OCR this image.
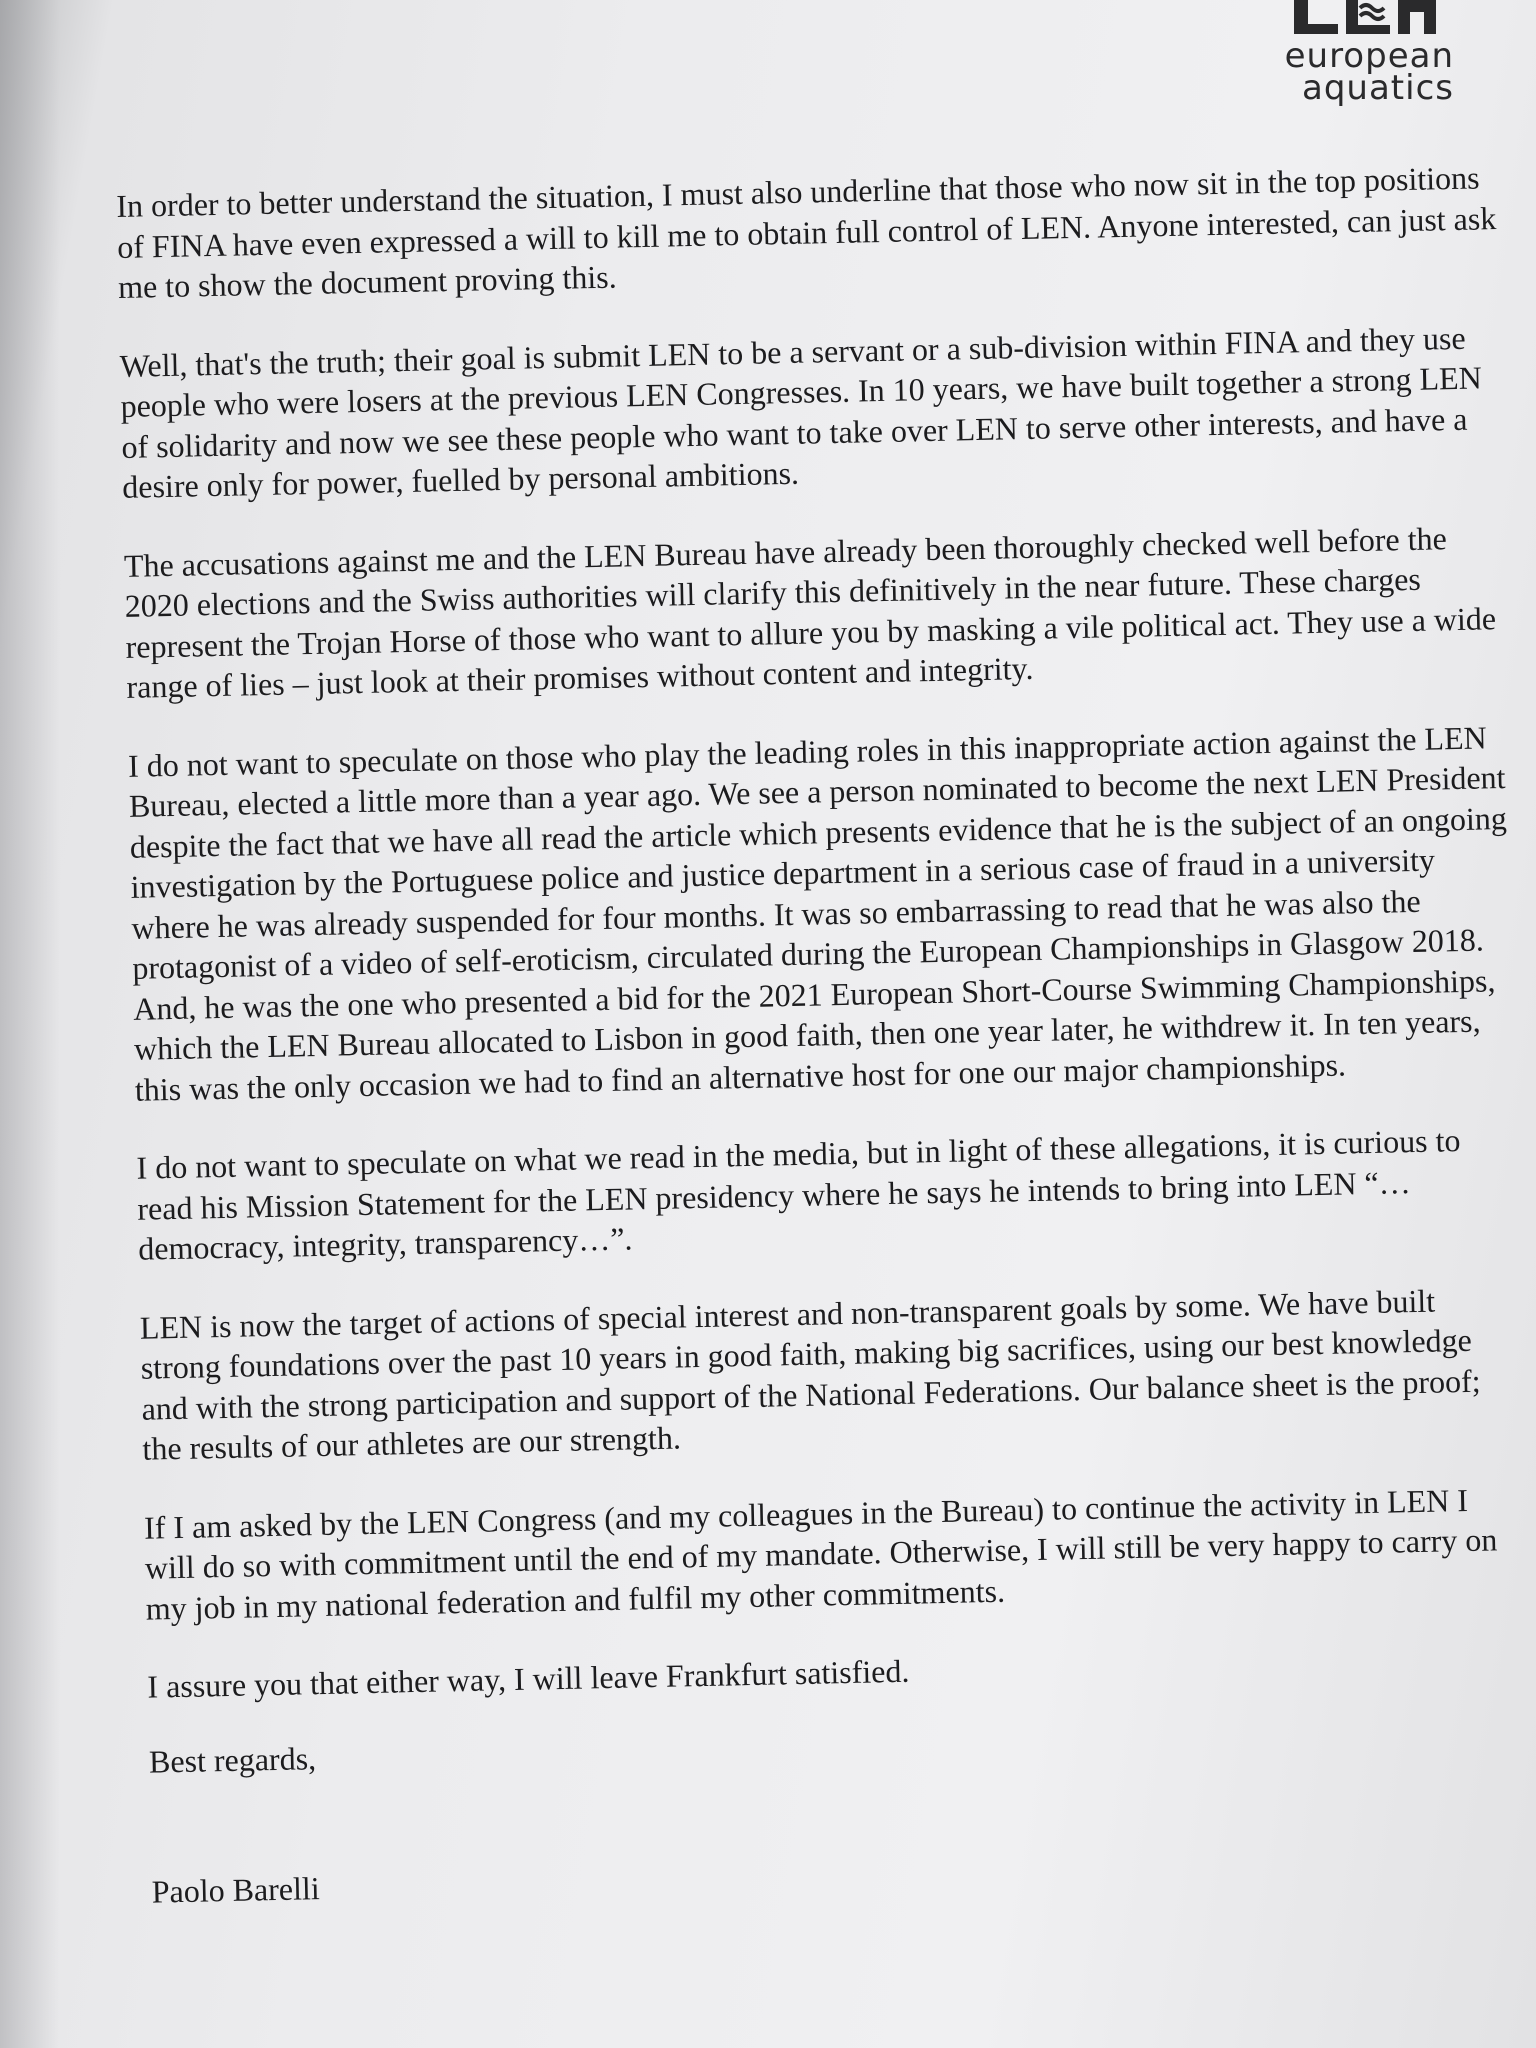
european
aquatics

In order to better understand the situation, I must also underline that those who now sit in the top positions of FINA have even expressed a will to kill me to obtain full control of LEN. Anyone interested, can just ask me to show the document proving this.

Well, that's the truth; their goal is submit LEN to be a servant or a sub-division within FINA and they use people who were losers at the previous LEN Congresses. In 10 years, we have built together a strong LEN of solidarity and now we see these people who want to take over LEN to serve other interests, and have a desire only for power, fuelled by personal ambitions.

The accusations against me and the LEN Bureau have already been thoroughly checked well before the 2020 elections and the Swiss authorities will clarify this definitively in the near future. These charges represent the Trojan Horse of those who want to allure you by masking a vile political act. They use a wide range of lies – just look at their promises without content and integrity.

I do not want to speculate on those who play the leading roles in this inappropriate action against the LEN Bureau, elected a little more than a year ago. We see a person nominated to become the next LEN President despite the fact that we have all read the article which presents evidence that he is the subject of an ongoing investigation by the Portuguese police and justice department in a serious case of fraud in a university where he was already suspended for four months. It was so embarrassing to read that he was also the protagonist of a video of self-eroticism, circulated during the European Championships in Glasgow 2018. And, he was the one who presented a bid for the 2021 European Short-Course Swimming Championships, which the LEN Bureau allocated to Lisbon in good faith, then one year later, he withdrew it. In ten years, this was the only occasion we had to find an alternative host for one our major championships.

I do not want to speculate on what we read in the media, but in light of these allegations, it is curious to read his Mission Statement for the LEN presidency where he says he intends to bring into LEN “…democracy, integrity, transparency…”.

LEN is now the target of actions of special interest and non-transparent goals by some. We have built strong foundations over the past 10 years in good faith, making big sacrifices, using our best knowledge and with the strong participation and support of the National Federations. Our balance sheet is the proof; the results of our athletes are our strength.

If I am asked by the LEN Congress (and my colleagues in the Bureau) to continue the activity in LEN I will do so with commitment until the end of my mandate. Otherwise, I will still be very happy to carry on my job in my national federation and fulfil my other commitments.

I assure you that either way, I will leave Frankfurt satisfied.

Best regards,

Paolo Barelli
